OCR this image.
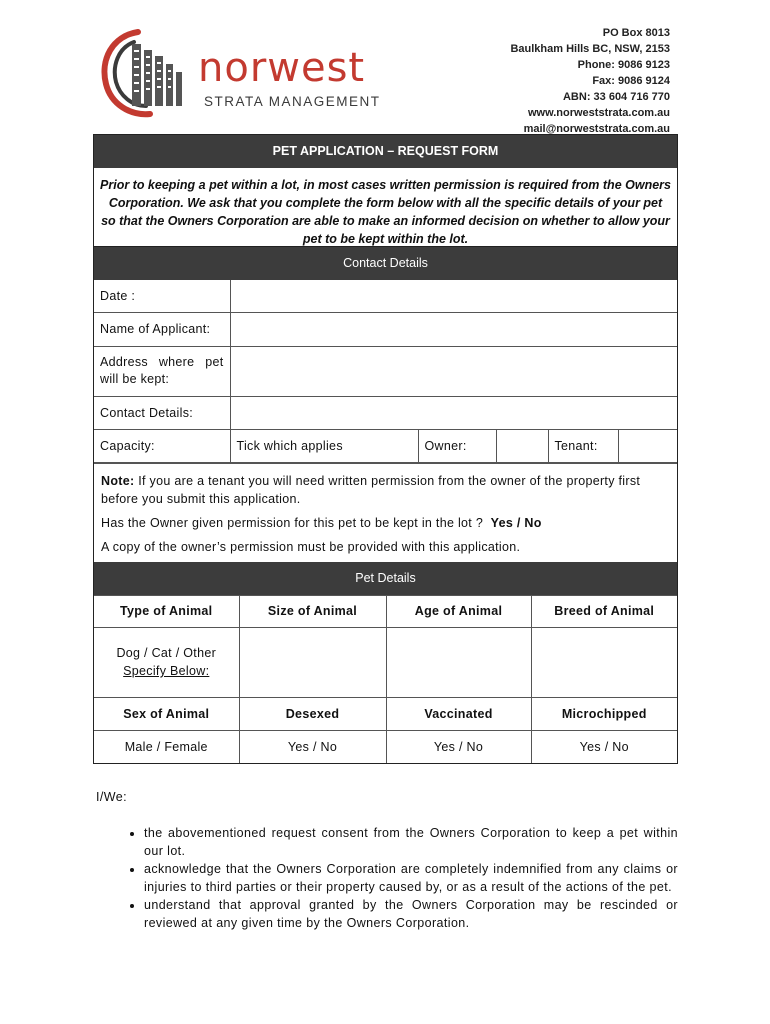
norwest
STRATA MANAGEMENT
PO Box 8013
Baulkham Hills BC, NSW, 2153
Phone: 9086 9123
Fax: 9086 9124
ABN: 33 604 716 770
www.norweststrata.com.au
mail@norweststrata.com.au
PET APPLICATION – REQUEST FORM
Prior to keeping a pet within a lot, in most cases written permission is required from the Owners Corporation. We ask that you complete the form below with all the specific details of your pet so that the Owners Corporation are able to make an informed decision on whether to allow your pet to be kept within the lot.
Contact Details
Date :					
Name of Applicant:					
Address where pet will be kept:					
Contact Details:					
Capacity:	Tick which applies	Owner:		Tenant:	

Note: If you are a tenant you will need written permission from the owner of the property first before you submit this application.

Has the Owner given permission for this pet to be kept in the lot ? Yes / No

A copy of the owner’s permission must be provided with this application.

Pet Details
Type of Animal	Size of Animal	Age of Animal	Breed of Animal

Dog / Cat / Other
Specify Below:			

Sex of Animal	Desexed	Vaccinated	Microchipped
Male / Female	Yes / No	Yes / No	Yes / No
I/We:
• the abovementioned request consent from the Owners Corporation to keep a pet within our lot.
• acknowledge that the Owners Corporation are completely indemnified from any claims or injuries to third parties or their property caused by, or as a result of the actions of the pet.
• understand that approval granted by the Owners Corporation may be rescinded or reviewed at any given time by the Owners Corporation.
